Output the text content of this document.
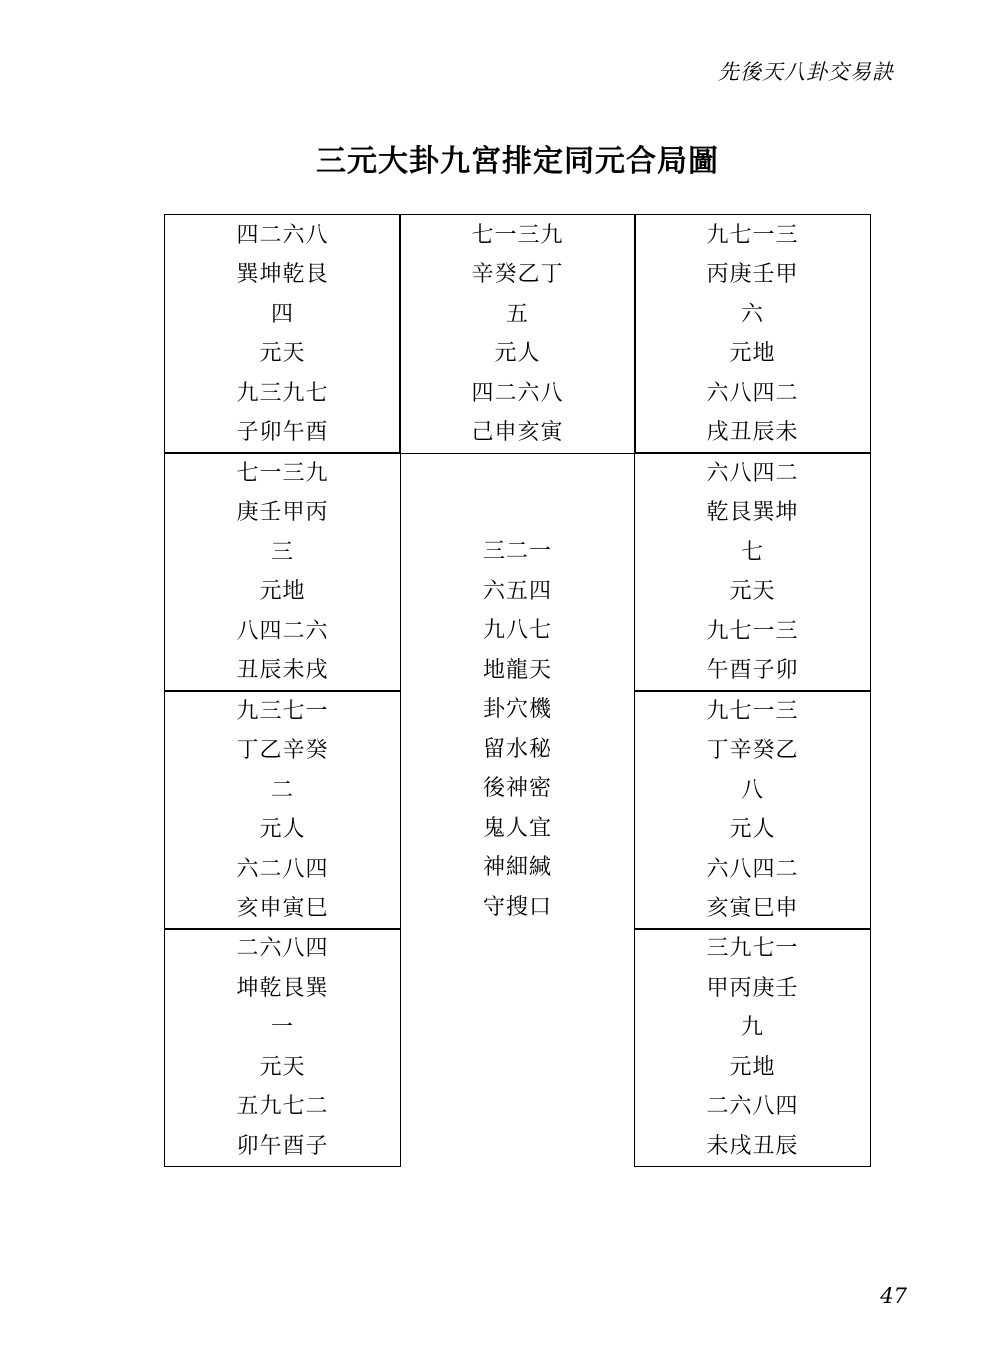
先後天八卦交易訣
三元大卦九宮排定同元合局圖
四二六八
巽坤乾艮
四
元天
九三九七
子卯午酉
七一三九
辛癸乙丁
五
元人
四二六八
己申亥寅
九七一三
丙庚壬甲
六
元地
六八四二
戌丑辰未
七一三九
庚壬甲丙
三
元地
八四二六
丑辰未戌
六八四二
乾艮巽坤
七
元天
九七一三
午酉子卯
九三七一
丁乙辛癸
二
元人
六二八四
亥申寅巳
九七一三
丁辛癸乙
八
元人
六八四二
亥寅巳申
二六八四
坤乾艮巽
一
元天
五九七二
卯午酉子
三九七一
甲丙庚壬
九
元地
二六八四
未戌丑辰
三二一
六五四
九八七
地龍天
卦穴機
留水秘
後神密
鬼人宜
神細緘
守搜口
47
